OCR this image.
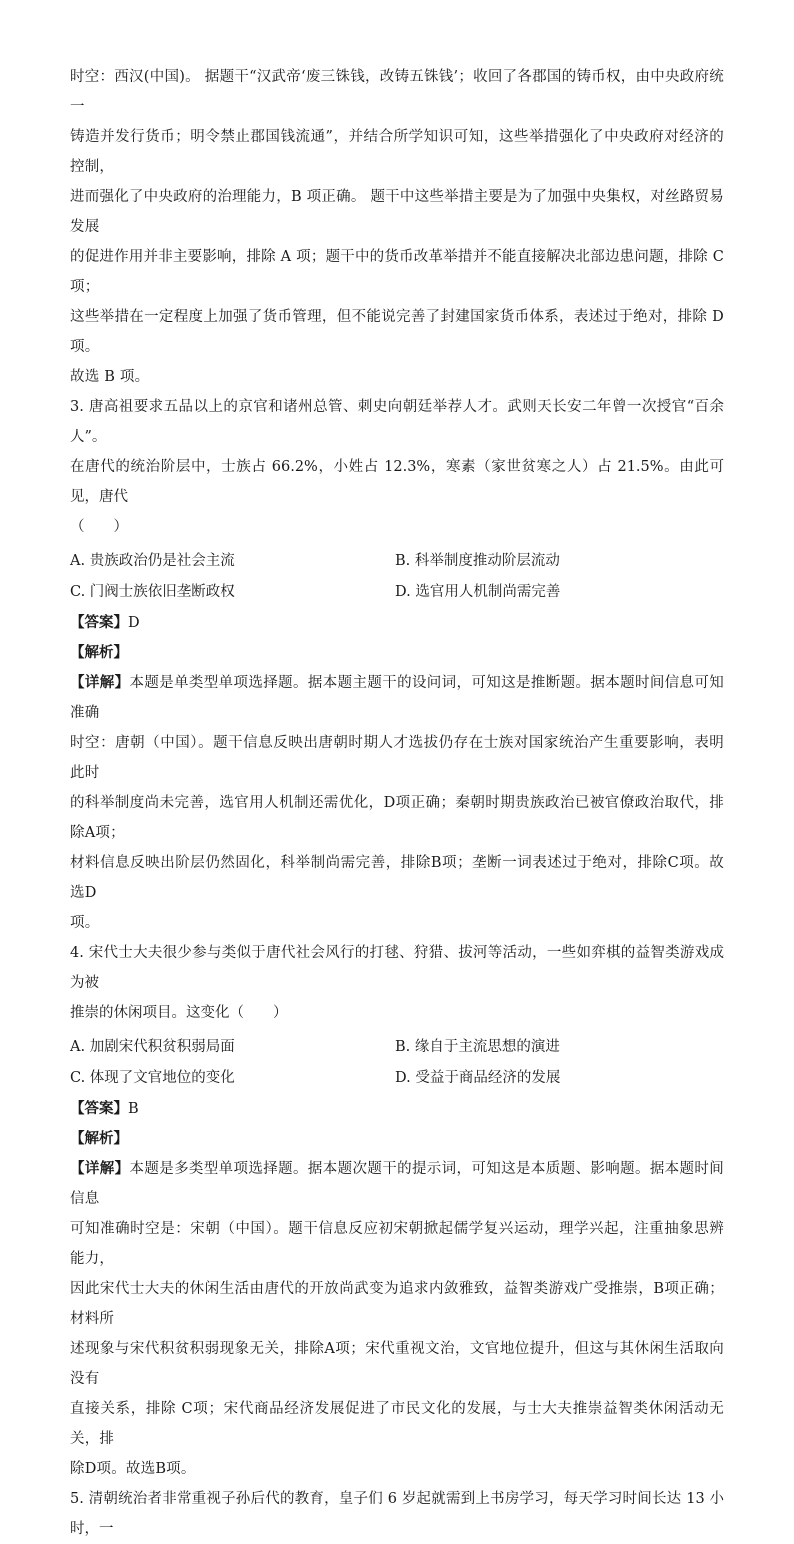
时空：西汉(中国)。 据题干“汉武帝‘废三铢钱，改铸五铢钱’；收回了各郡国的铸币权，由中央政府统一

铸造并发行货币；明令禁止郡国钱流通”，并结合所学知识可知，这些举措强化了中央政府对经济的控制，

进而强化了中央政府的治理能力，B 项正确。 题干中这些举措主要是为了加强中央集权，对丝路贸易发展

的促进作用并非主要影响，排除 A 项；题干中的货币改革举措并不能直接解决北部边患问题，排除 C 项；

这些举措在一定程度上加强了货币管理，但不能说完善了封建国家货币体系，表述过于绝对，排除 D 项。

故选 B 项。

3. 唐高祖要求五品以上的京官和诸州总管、刺史向朝廷举荐人才。武则天长安二年曾一次授官“百余人”。

在唐代的统治阶层中，士族占 66.2%，小姓占 12.3%，寒素（家世贫寒之人）占 21.5%。由此可见，唐代

（　　）

A. 贵族政治仍是社会主流	B. 科举制度推动阶层流动
C. 门阀士族依旧垄断政权	D. 选官用人机制尚需完善

【答案】D

【解析】

【详解】本题是单类型单项选择题。据本题主题干的设问词，可知这是推断题。据本题时间信息可知准确

时空：唐朝（中国）。题干信息反映出唐朝时期人才选拔仍存在士族对国家统治产生重要影响，表明此时

的科举制度尚未完善，选官用人机制还需优化，D项正确；秦朝时期贵族政治已被官僚政治取代，排除A项；

材料信息反映出阶层仍然固化，科举制尚需完善，排除B项；垄断一词表述过于绝对，排除C项。故选D

项。

4. 宋代士大夫很少参与类似于唐代社会风行的打毬、狩猎、拔河等活动，一些如弈棋的益智类游戏成为被

推崇的休闲项目。这变化（　　）

A. 加剧宋代积贫积弱局面	B. 缘自于主流思想的演进
C. 体现了文官地位的变化	D. 受益于商品经济的发展

【答案】B

【解析】

【详解】本题是多类型单项选择题。据本题次题干的提示词，可知这是本质题、影响题。据本题时间信息

可知准确时空是：宋朝（中国）。题干信息反应初宋朝掀起儒学复兴运动，理学兴起，注重抽象思辨能力，

因此宋代士大夫的休闲生活由唐代的开放尚武变为追求内敛雅致，益智类游戏广受推崇，B项正确；材料所

述现象与宋代积贫积弱现象无关，排除A项；宋代重视文治，文官地位提升，但这与其休闲生活取向没有

直接关系，排除 C项；宋代商品经济发展促进了市民文化的发展，与士大夫推崇益智类休闲活动无关，排

除D项。故选B项。

5. 清朝统治者非常重视子孙后代的教育，皇子们 6 岁起就需到上书房学习，每天学习时间长达 13 小时，一
